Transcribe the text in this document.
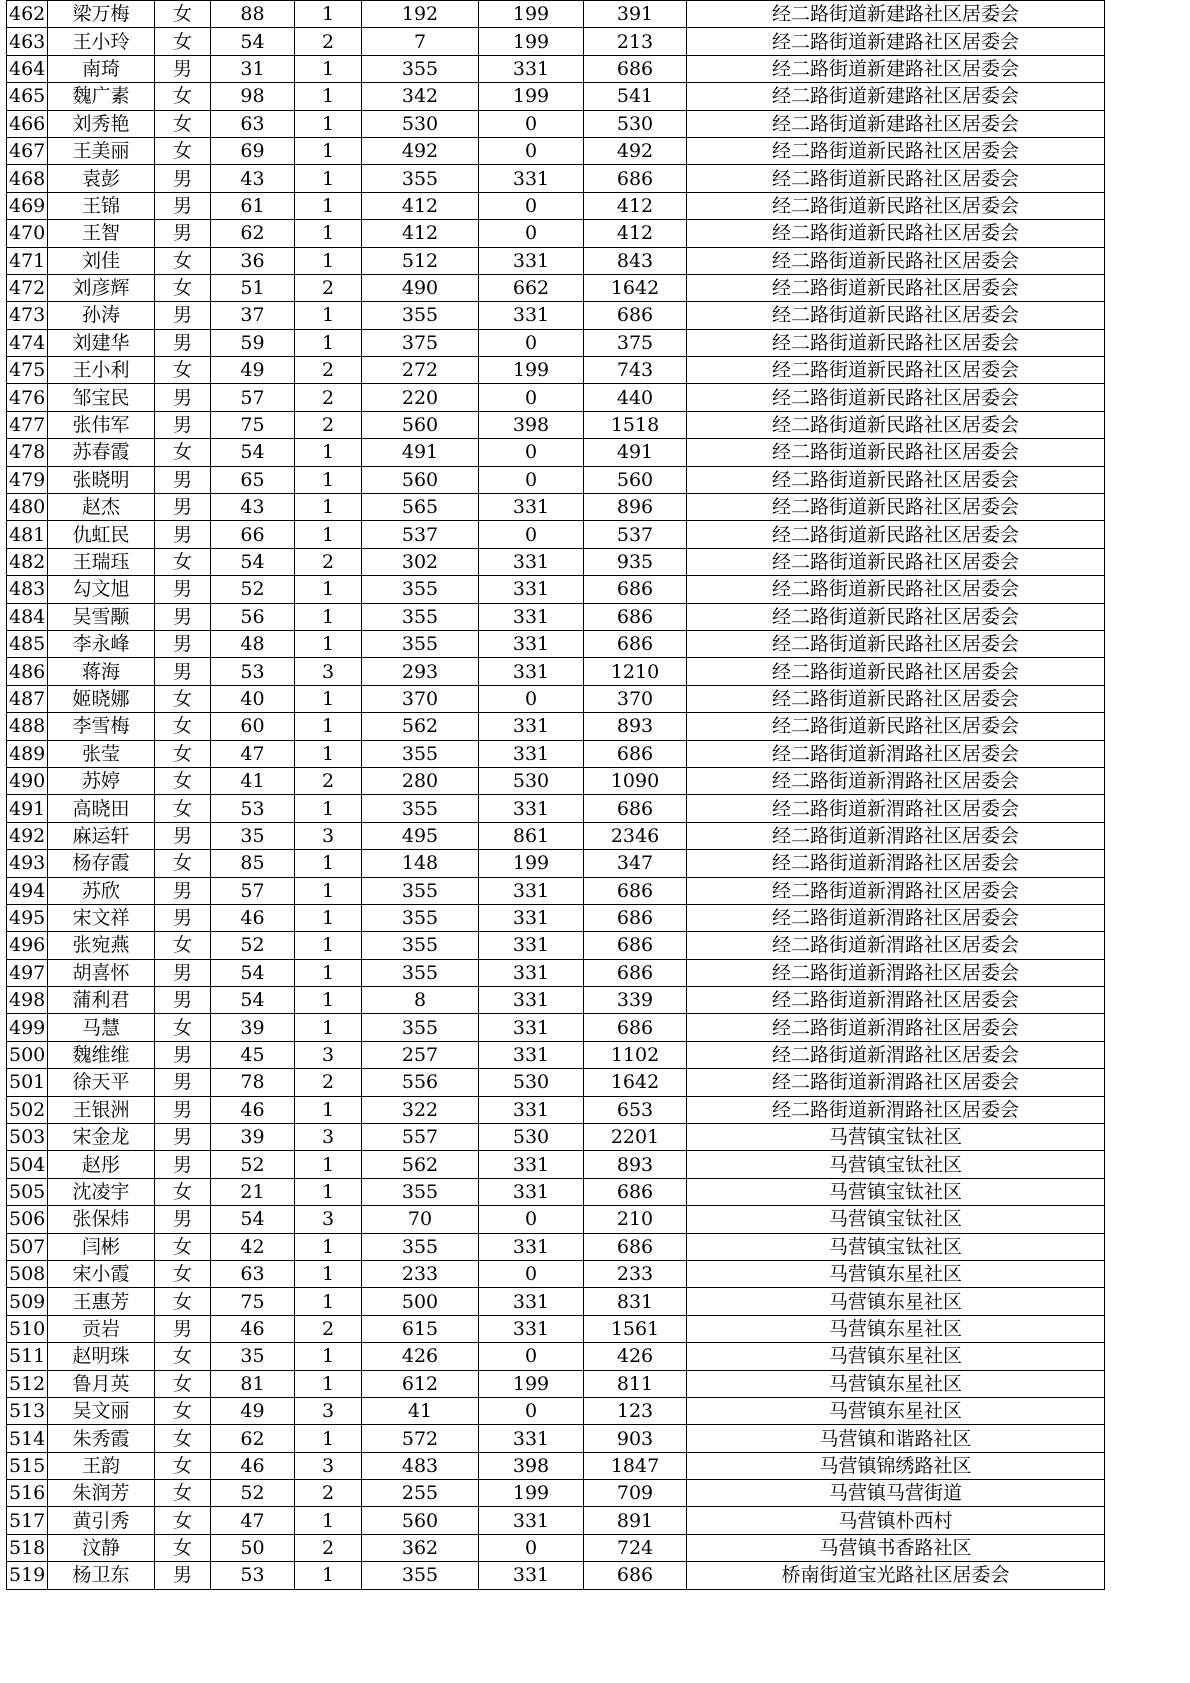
462	梁万梅	女	88	1	192	199	391	经二路街道新建路社区居委会
463	王小玲	女	54	2	7	199	213	经二路街道新建路社区居委会
464	南琦	男	31	1	355	331	686	经二路街道新建路社区居委会
465	魏广素	女	98	1	342	199	541	经二路街道新建路社区居委会
466	刘秀艳	女	63	1	530	0	530	经二路街道新建路社区居委会
467	王美丽	女	69	1	492	0	492	经二路街道新民路社区居委会
468	袁彭	男	43	1	355	331	686	经二路街道新民路社区居委会
469	王锦	男	61	1	412	0	412	经二路街道新民路社区居委会
470	王智	男	62	1	412	0	412	经二路街道新民路社区居委会
471	刘佳	女	36	1	512	331	843	经二路街道新民路社区居委会
472	刘彦辉	女	51	2	490	662	1642	经二路街道新民路社区居委会
473	孙涛	男	37	1	355	331	686	经二路街道新民路社区居委会
474	刘建华	男	59	1	375	0	375	经二路街道新民路社区居委会
475	王小利	女	49	2	272	199	743	经二路街道新民路社区居委会
476	邹宝民	男	57	2	220	0	440	经二路街道新民路社区居委会
477	张伟军	男	75	2	560	398	1518	经二路街道新民路社区居委会
478	苏春霞	女	54	1	491	0	491	经二路街道新民路社区居委会
479	张晓明	男	65	1	560	0	560	经二路街道新民路社区居委会
480	赵杰	男	43	1	565	331	896	经二路街道新民路社区居委会
481	仇虹民	男	66	1	537	0	537	经二路街道新民路社区居委会
482	王瑞珏	女	54	2	302	331	935	经二路街道新民路社区居委会
483	勾文旭	男	52	1	355	331	686	经二路街道新民路社区居委会
484	吴雪颙	男	56	1	355	331	686	经二路街道新民路社区居委会
485	李永峰	男	48	1	355	331	686	经二路街道新民路社区居委会
486	蒋海	男	53	3	293	331	1210	经二路街道新民路社区居委会
487	姬晓娜	女	40	1	370	0	370	经二路街道新民路社区居委会
488	李雪梅	女	60	1	562	331	893	经二路街道新民路社区居委会
489	张莹	女	47	1	355	331	686	经二路街道新渭路社区居委会
490	苏婷	女	41	2	280	530	1090	经二路街道新渭路社区居委会
491	高晓田	女	53	1	355	331	686	经二路街道新渭路社区居委会
492	麻运轩	男	35	3	495	861	2346	经二路街道新渭路社区居委会
493	杨存霞	女	85	1	148	199	347	经二路街道新渭路社区居委会
494	苏欣	男	57	1	355	331	686	经二路街道新渭路社区居委会
495	宋文祥	男	46	1	355	331	686	经二路街道新渭路社区居委会
496	张宛燕	女	52	1	355	331	686	经二路街道新渭路社区居委会
497	胡喜怀	男	54	1	355	331	686	经二路街道新渭路社区居委会
498	蒲利君	男	54	1	8	331	339	经二路街道新渭路社区居委会
499	马慧	女	39	1	355	331	686	经二路街道新渭路社区居委会
500	魏维维	男	45	3	257	331	1102	经二路街道新渭路社区居委会
501	徐天平	男	78	2	556	530	1642	经二路街道新渭路社区居委会
502	王银洲	男	46	1	322	331	653	经二路街道新渭路社区居委会
503	宋金龙	男	39	3	557	530	2201	马营镇宝钛社区
504	赵彤	男	52	1	562	331	893	马营镇宝钛社区
505	沈凌宇	女	21	1	355	331	686	马营镇宝钛社区
506	张保炜	男	54	3	70	0	210	马营镇宝钛社区
507	闫彬	女	42	1	355	331	686	马营镇宝钛社区
508	宋小霞	女	63	1	233	0	233	马营镇东星社区
509	王惠芳	女	75	1	500	331	831	马营镇东星社区
510	贡岩	男	46	2	615	331	1561	马营镇东星社区
511	赵明珠	女	35	1	426	0	426	马营镇东星社区
512	鲁月英	女	81	1	612	199	811	马营镇东星社区
513	吴文丽	女	49	3	41	0	123	马营镇东星社区
514	朱秀霞	女	62	1	572	331	903	马营镇和谐路社区
515	王韵	女	46	3	483	398	1847	马营镇锦绣路社区
516	朱润芳	女	52	2	255	199	709	马营镇马营街道
517	黄引秀	女	47	1	560	331	891	马营镇朴西村
518	汶静	女	50	2	362	0	724	马营镇书香路社区
519	杨卫东	男	53	1	355	331	686	桥南街道宝光路社区居委会
